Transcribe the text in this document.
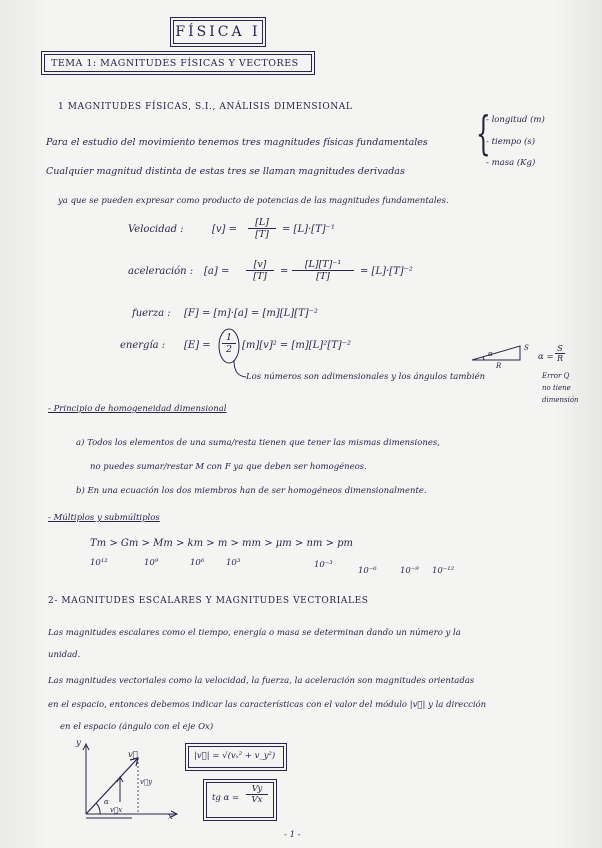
FÍSICA I
TEMA 1: MAGNITUDES FÍSICAS Y VECTORES
1 MAGNITUDES FÍSICAS, S.I., ANÁLISIS DIMENSIONAL
Para el estudio del movimiento tenemos tres magnitudes físicas fundamentales {
- longitud (m)
- tiempo (s)
- masa (Kg)
Cualquier magnitud distinta de estas tres se llaman magnitudes derivadas
ya que se pueden expresar como producto de potencias de las magnitudes fundamentales.
Velocidad :	$[v] = \frac{[L]}{[T]} = [L]\cdot[T]^{-1}$
aceleración : $[a] = \frac{[v]}{[T]} = \frac{\text{[L][T]⁻¹}}{[T]} = [L]\cdot[T]^{-2}$
fuerza : [F] = [m]·[a] = [m][L][T]⁻²
energía : $[E] = \frac{1}{2} [m][v]^2 = [m][L]^2[T]^{-2}$
Los números son adimensionales y los ángulos también
α
R
S
$\alpha = \frac{S}{R}$
Error Q
no tiene
dimensión
- Principio de homogeneidad dimensional
a) Todos los elementos de una suma/resta tienen que tener las mismas dimensiones,
no puedes sumar/restar M con F ya que deben ser homogéneos.
b) En una ecuación los dos miembros han de ser homogéneos dimensionalmente.
- Múltiplos y submúltiplos
Tm > Gm > Mm > km > m > mm > μm > nm > pm
10¹²	10⁹	10⁶	10³	10⁻³
10⁻⁶	10⁻⁹ 10⁻¹²
2- MAGNITUDES ESCALARES Y MAGNITUDES VECTORIALES
Las magnitudes escalares como el tiempo, energía o masa se determinan dando un número y la
unidad.
Las magnitudes vectoriales como la velocidad, la fuerza, la aceleración son magnitudes orientadas
en el espacio, entonces debemos indicar las características con el valor del módulo |v⃗| y la dirección
en el espacio (ángulo con el eje Ox)
y
x
v⃗
v⃗y
v⃗x
α
|v⃗| = √(vₓ² + v_y²)
tg $\alpha = \frac{Vy}{Vx}$
- 1 -
